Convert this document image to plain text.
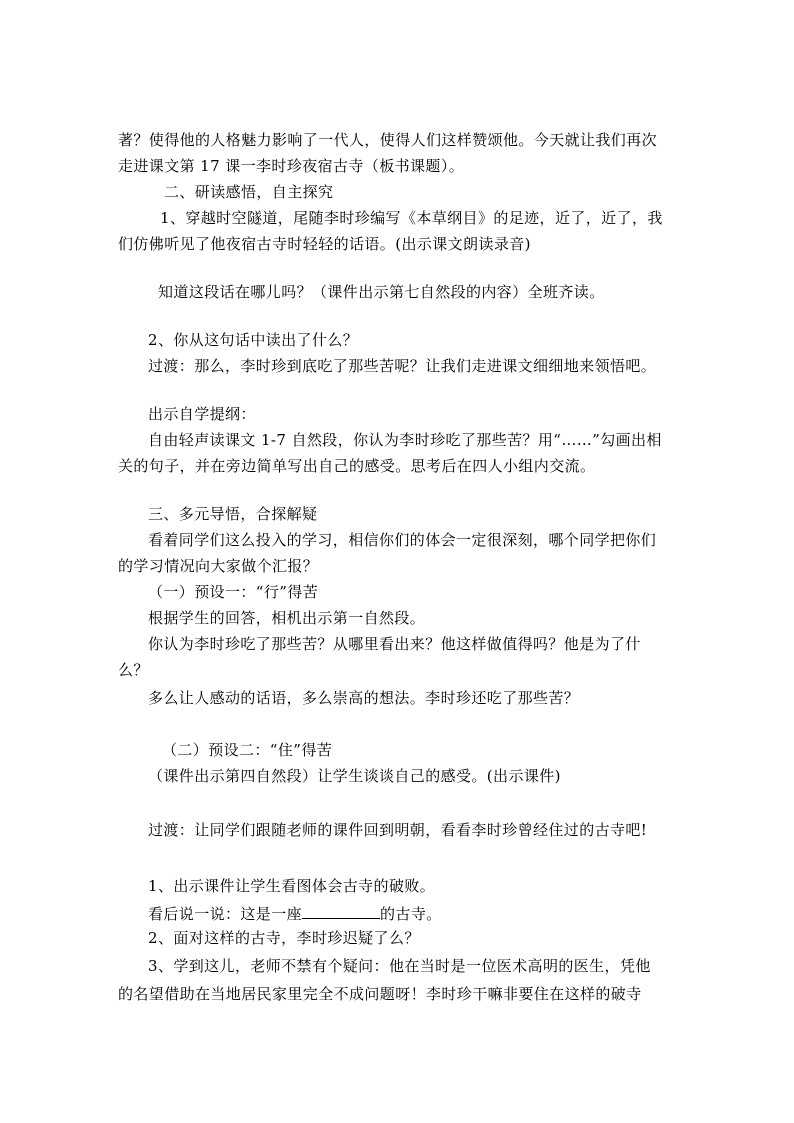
著？使得他的人格魅力影响了一代人，使得人们这样赞颂他。今天就让我们再次

走进课文第 17 课一李时珍夜宿古寺（板书课题）。

二、研读感悟，自主探究

1、穿越时空隧道，尾随李时珍编写《本草纲目》的足迹，近了，近了，我

们仿佛听见了他夜宿古寺时轻轻的话语。(出示课文朗读录音)

知道这段话在哪儿吗？（课件出示第七自然段的内容）全班齐读。

2、你从这句话中读出了什么？

过渡：那么，李时珍到底吃了那些苦呢？让我们走进课文细细地来领悟吧。

出示自学提纲：

自由轻声读课文 1-7 自然段，你认为李时珍吃了那些苦？用“……”勾画出相

关的句子，并在旁边简单写出自己的感受。思考后在四人小组内交流。

三、多元导悟，合探解疑

看着同学们这么投入的学习，相信你们的体会一定很深刻，哪个同学把你们

的学习情况向大家做个汇报？

（一）预设一：“行”得苦

根据学生的回答，相机出示第一自然段。

你认为李时珍吃了那些苦？从哪里看出来？他这样做值得吗？他是为了什

么？

多么让人感动的话语，多么崇高的想法。李时珍还吃了那些苦？

（二）预设二：“住”得苦

（课件出示第四自然段）让学生谈谈自己的感受。(出示课件)

过渡：让同学们跟随老师的课件回到明朝，看看李时珍曾经住过的古寺吧!

1、出示课件让学生看图体会古寺的破败。

看后说一说：这是一座	的古寺。

2、面对这样的古寺，李时珍迟疑了么？

3、学到这儿，老师不禁有个疑问：他在当时是一位医术高明的医生，凭他

的名望借助在当地居民家里完全不成问题呀！李时珍干嘛非要住在这样的破寺
